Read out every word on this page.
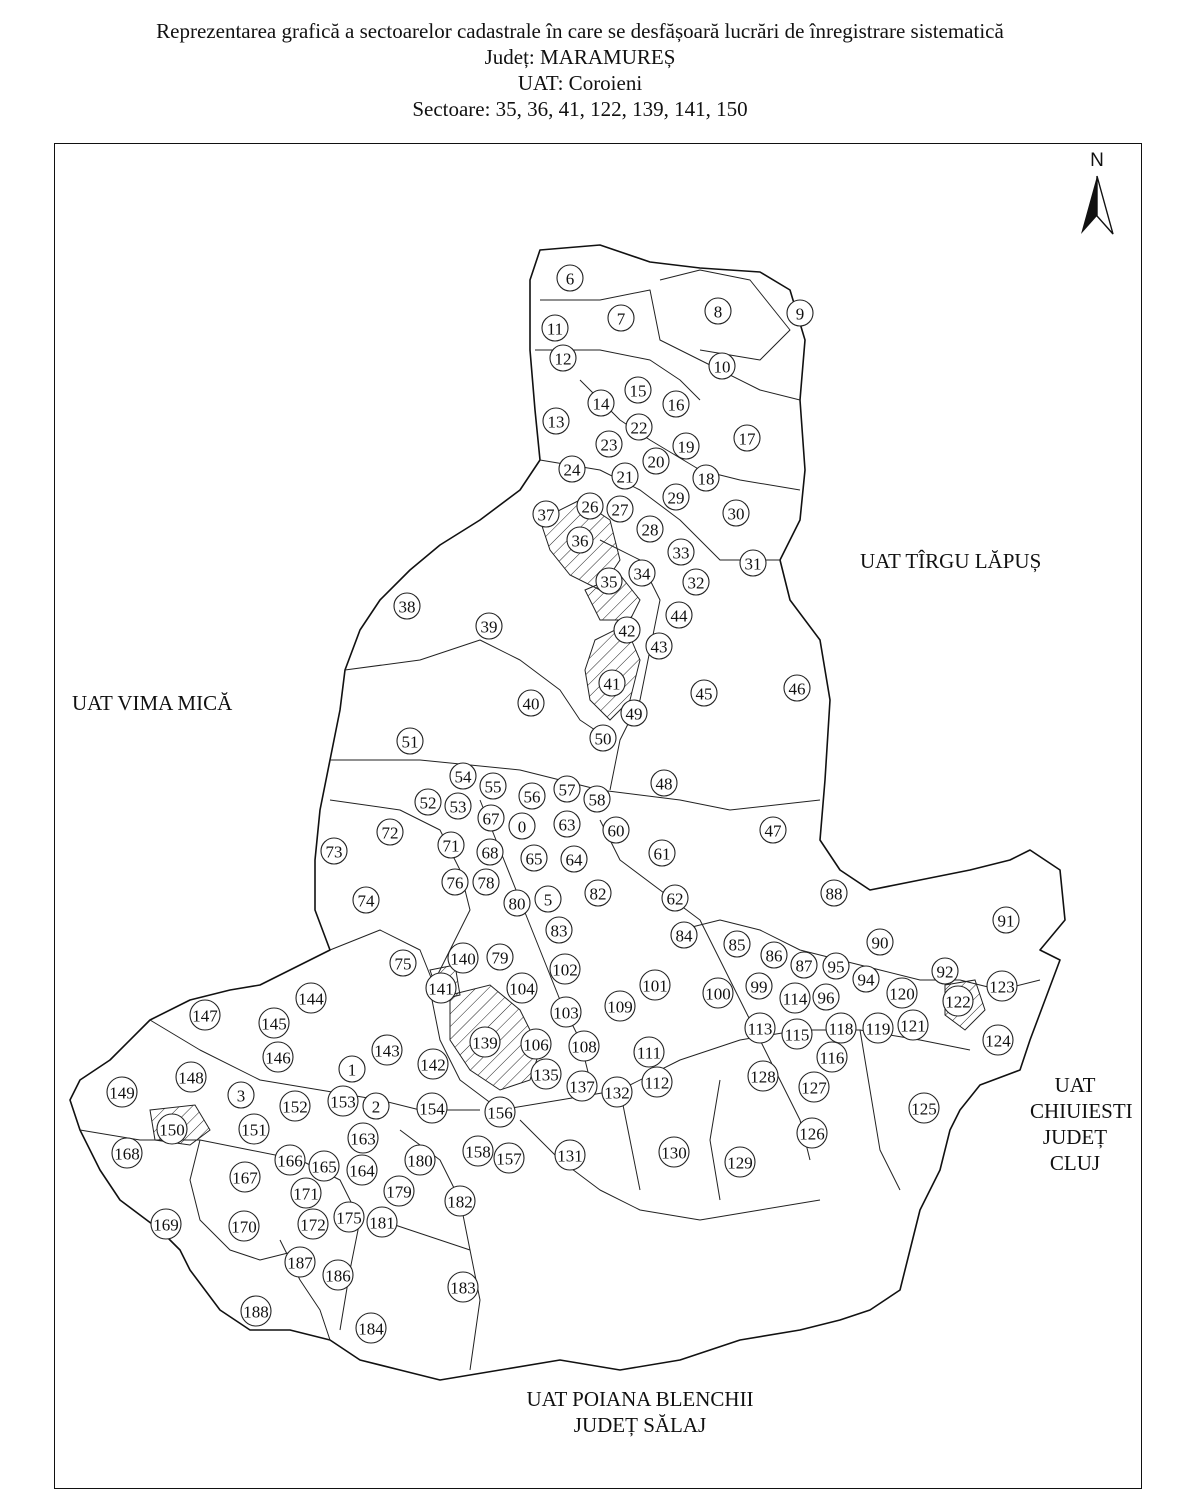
Reprezentarea grafică a sectoarelor cadastrale în care se desfășoară lucrări de înregistrare sistematică

Județ: MARAMUREȘ

UAT: Coroieni

Sectoare: 35, 36, 41, 122, 139, 141, 150

6
7	8	9
10
11
12
13
14
15
16
17
22
23	19
20
21	18
24
29
30
37 26 27
36
28
33
31
35 34 32
38
39
44
42
43
46
41
45
40
49
51	50
48
54
55
56 57
58
52 53
67 0 63 60
72	47
73	71 68 65 64	61
76 78
88
74	5 82
80	62
83
91
84	90
85
86
87 95
75 140 79
102	92
94	123
101 100 99
114 96	120 122
141	104
144
147	109
103
145	118 119 121
113 115
139 106 108	124
146
1
143	116
142
111
148	135
137 132
112	128
127
149	3
152 153 2 154	156	125
150	151	126
163
158 157 131	130
168	166 165	180	129
164
167
171	179
182
175 181
172
169	170
187
186
188
183
184
N
UAT TÎRGU LĂPUȘ
UAT VIMA MICĂ
UAT
CHIUIESTI
JUDEȚ
CLUJ
UAT POIANA BLENCHII
JUDEȚ SĂLAJ
